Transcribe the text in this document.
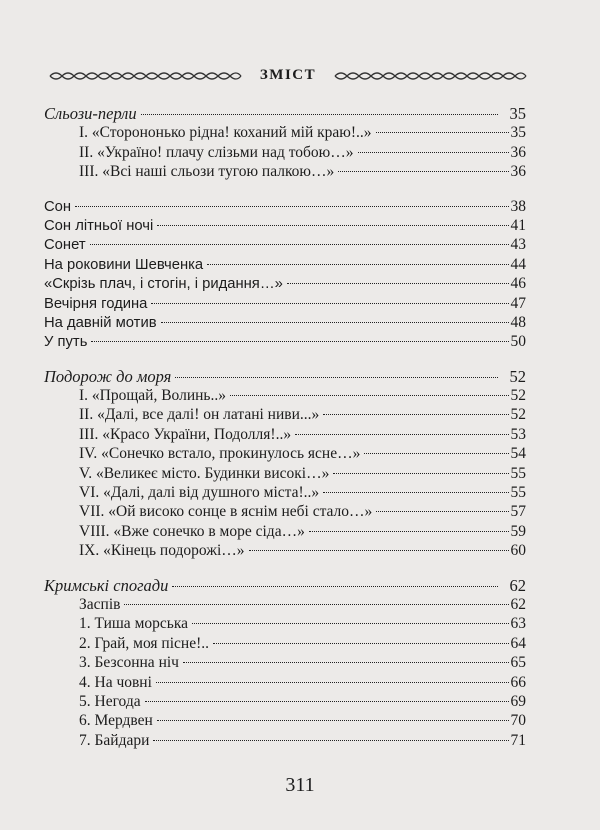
ЗМІСТ
Сльози-перли	35
I. «Сторононько рідна! коханий мій краю!..»	35
II. «Україно! плачу слізьми над тобою…»	36
III. «Всі наші сльози тугою палкою…»	36
Сон	38
Сон літньої ночі	41
Сонет	43
На роковини Шевченка	44
«Скрізь плач, і стогін, і ридання…»	46
Вечірня година	47
На давній мотив	48
У путь	50
Подорож до моря	52
I. «Прощай, Волинь..»	52
II. «Далі, все далі! он латані ниви...»	52
III. «Красо України, Подолля!..»	53
IV. «Сонечко встало, прокинулось ясне…»	54
V. «Великеє місто. Будинки високі…»	55
VI. «Далі, далі від душного міста!..»	55
VII. «Ой високо сонце в яснім небі стало…»	57
VIII. «Вже сонечко в море сіда…»	59
IX. «Кінець подорожі…»	60
Кримські спогади	62
Заспів	62
1. Тиша морська	63
2. Грай, моя пісне!..	64
3. Безсонна ніч	65
4. На човні	66
5. Негода	69
6. Мердвен	70
7. Байдари	71
311
